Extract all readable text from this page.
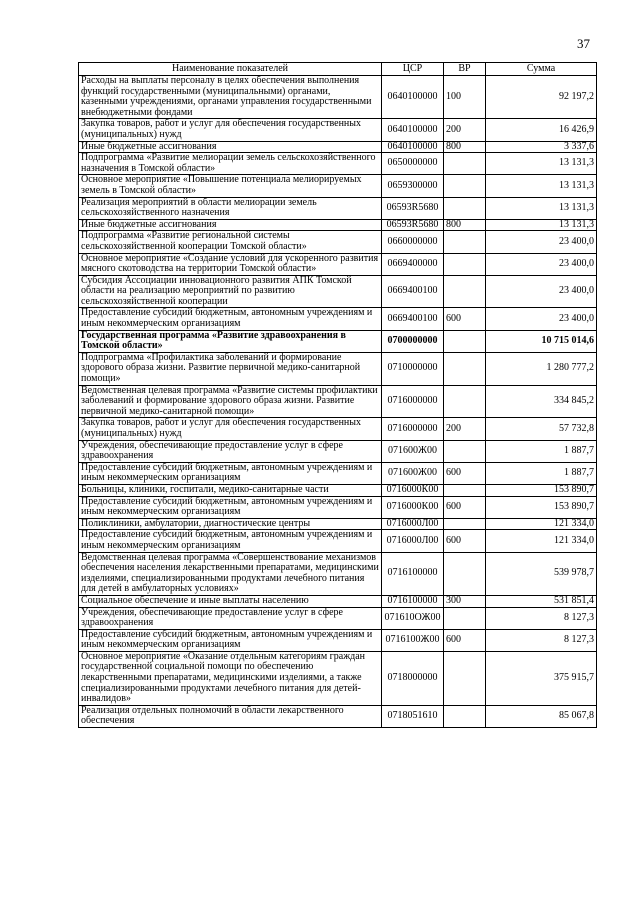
37
Наименование показателей	ЦСР	ВР	Сумма
Расходы на выплаты персоналу в целях обеспечения выполнения функций государственными (муниципальными) органами, казенными учреждениями, органами управления государственными внебюджетными фондами	0640100000	100	92 197,2
Закупка товаров, работ и услуг для обеспечения государственных (муниципальных) нужд	0640100000	200	16 426,9
Иные бюджетные ассигнования	0640100000	800	3 337,6
Подпрограмма «Развитие мелиорации земель сельскохозяйственного назначения в Томской области»	0650000000		13 131,3
Основное мероприятие «Повышение потенциала мелиорируемых земель в Томской области»	0659300000		13 131,3
Реализация мероприятий в области мелиорации земель сельскохозяйственного назначения	06593R5680		13 131,3
Иные бюджетные ассигнования	06593R5680	800	13 131,3
Подпрограмма «Развитие региональной системы сельскохозяйственной кооперации Томской области»	0660000000		23 400,0
Основное мероприятие «Создание условий для ускоренного развития мясного скотоводства на территории Томской области»	0669400000		23 400,0
Субсидия Ассоциации инновационного развития АПК Томской области на реализацию мероприятий по развитию сельскохозяйственной кооперации	0669400100		23 400,0
Предоставление субсидий бюджетным, автономным учреждениям и иным некоммерческим организациям	0669400100	600	23 400,0
Государственная программа «Развитие здравоохранения в Томской области»	0700000000		10 715 014,6
Подпрограмма «Профилактика заболеваний и формирование здорового образа жизни. Развитие первичной медико-санитарной помощи»	0710000000		1 280 777,2
Ведомственная целевая программа «Развитие системы профилактики заболеваний и формирование здорового образа жизни. Развитие первичной медико-санитарной помощи»	0716000000		334 845,2
Закупка товаров, работ и услуг для обеспечения государственных (муниципальных) нужд	0716000000	200	57 732,8
Учреждения, обеспечивающие предоставление услуг в сфере здравоохранения	071600Ж00		1 887,7
Предоставление субсидий бюджетным, автономным учреждениям и иным некоммерческим организациям	071600Ж00	600	1 887,7
Больницы, клиники, госпитали, медико-санитарные части	0716000К00		153 890,7
Предоставление субсидий бюджетным, автономным учреждениям и иным некоммерческим организациям	0716000К00	600	153 890,7
Поликлиники, амбулатории, диагностические центры	0716000Л00		121 334,0
Предоставление субсидий бюджетным, автономным учреждениям и иным некоммерческим организациям	0716000Л00	600	121 334,0
Ведомственная целевая программа «Совершенствование механизмов обеспечения населения лекарственными препаратами, медицинскими изделиями, специализированными продуктами лечебного питания для детей в амбулаторных условиях»	0716100000		539 978,7
Социальное обеспечение и иные выплаты населению	0716100000	300	531 851,4
Учреждения, обеспечивающие предоставление услуг в сфере здравоохранения	071610ОЖ00		8 127,3
Предоставление субсидий бюджетным, автономным учреждениям и иным некоммерческим организациям	0716100Ж00	600	8 127,3
Основное мероприятие «Оказание отдельным категориям граждан государственной социальной помощи по обеспечению лекарственными препаратами, медицинскими изделиями, а также специализированными продуктами лечебного питания для детей-инвалидов»	0718000000		375 915,7
Реализация отдельных полномочий в области лекарственного обеспечения	0718051610		85 067,8
